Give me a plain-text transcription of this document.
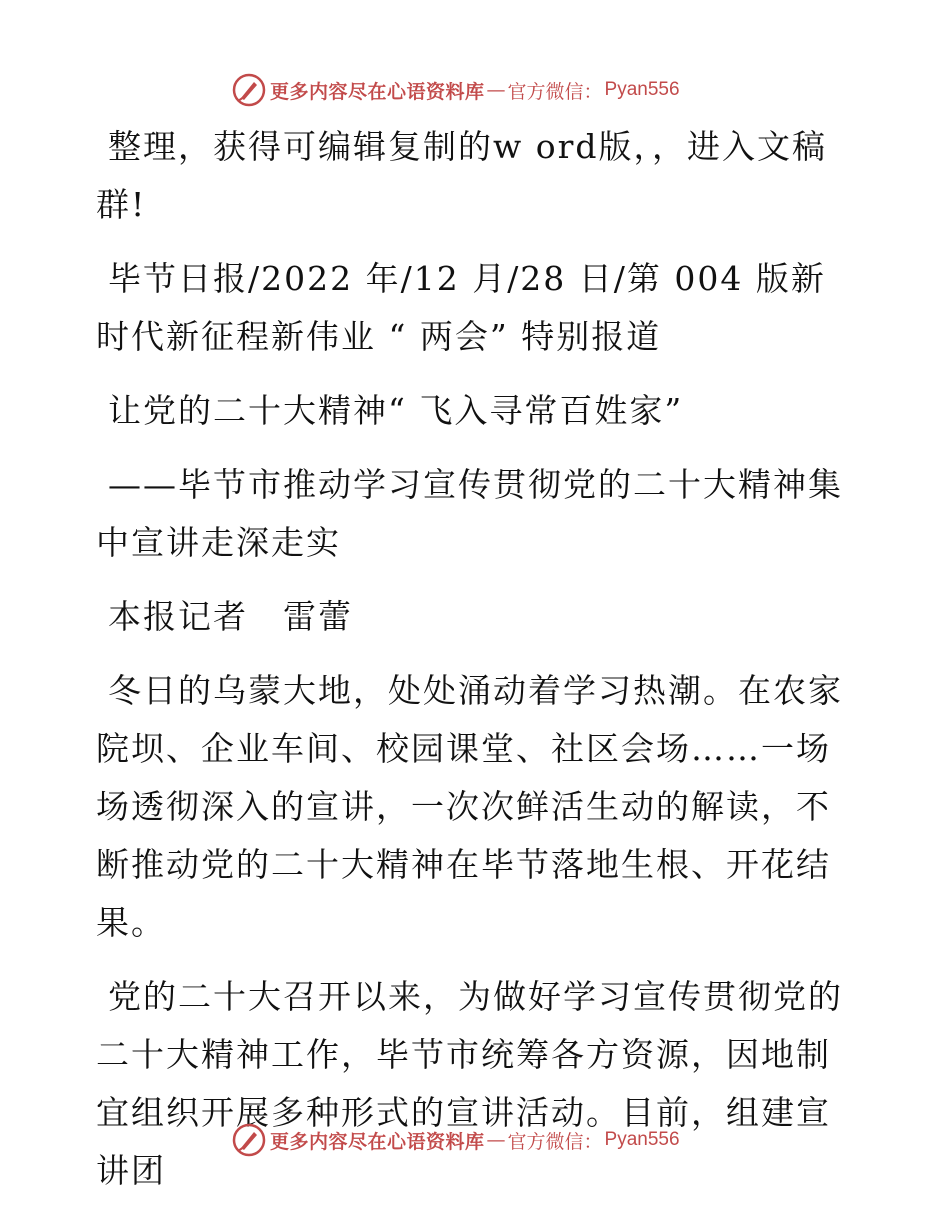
更多内容尽在心语资料库 — 官方微信： Pyan556

整理，获得可编辑复制的w ord版，，进入文稿群!

毕节日报/2022 年/12 月/28 日/第 004 版新时代新征程新伟业 “ 两会” 特别报道

让党的二十大精神“ 飞入寻常百姓家”

——毕节市推动学习宣传贯彻党的二十大精神集中宣讲走深走实

本报记者　雷蕾

冬日的乌蒙大地，处处涌动着学习热潮。在农家院坝、企业车间、校园课堂、社区会场……一场场透彻深入的宣讲，一次次鲜活生动的解读，不断推动党的二十大精神在毕节落地生根、开花结果。

党的二十大召开以来，为做好学习宣传贯彻党的二十大精神工作，毕节市统筹各方资源，因地制宜组织开展多种形式的宣讲活动。目前，组建宣讲团

更多内容尽在心语资料库 — 官方微信： Pyan556
